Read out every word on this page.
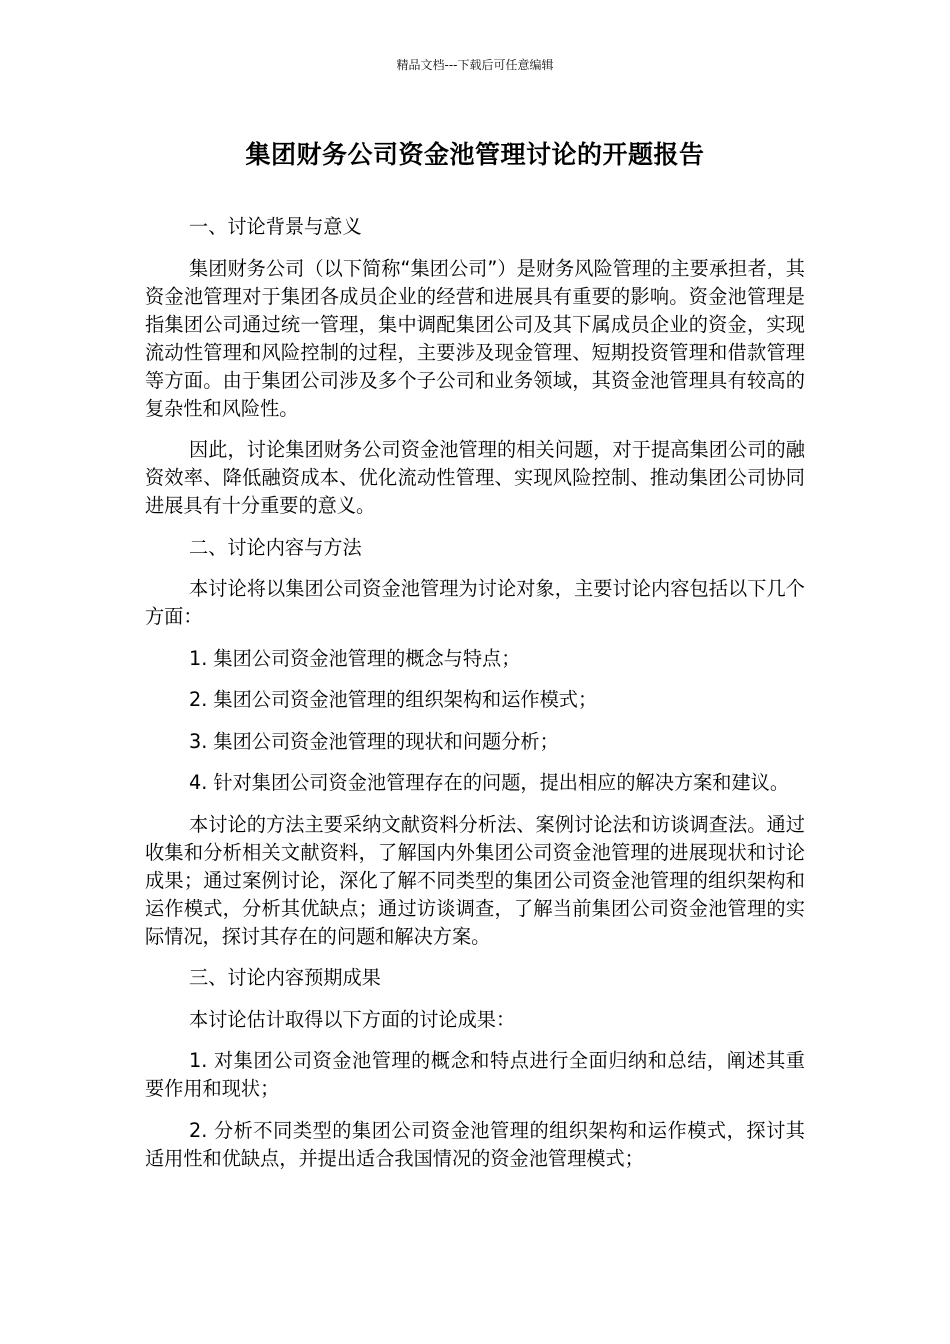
精品文档---下载后可任意编辑
集团财务公司资金池管理讨论的开题报告

一、讨论背景与意义

集团财务公司（以下简称“集团公司”）是财务风险管理的主要承担者，其资金池管理对于集团各成员企业的经营和进展具有重要的影响。资金池管理是指集团公司通过统一管理，集中调配集团公司及其下属成员企业的资金，实现流动性管理和风险控制的过程，主要涉及现金管理、短期投资管理和借款管理等方面。由于集团公司涉及多个子公司和业务领域，其资金池管理具有较高的复杂性和风险性。

因此，讨论集团财务公司资金池管理的相关问题，对于提高集团公司的融资效率、降低融资成本、优化流动性管理、实现风险控制、推动集团公司协同进展具有十分重要的意义。

二、讨论内容与方法

本讨论将以集团公司资金池管理为讨论对象，主要讨论内容包括以下几个方面：

1. 集团公司资金池管理的概念与特点；

2. 集团公司资金池管理的组织架构和运作模式；

3. 集团公司资金池管理的现状和问题分析；

4. 针对集团公司资金池管理存在的问题，提出相应的解决方案和建议。

本讨论的方法主要采纳文献资料分析法、案例讨论法和访谈调查法。通过收集和分析相关文献资料，了解国内外集团公司资金池管理的进展现状和讨论成果；通过案例讨论，深化了解不同类型的集团公司资金池管理的组织架构和运作模式，分析其优缺点；通过访谈调查，了解当前集团公司资金池管理的实际情况，探讨其存在的问题和解决方案。

三、讨论内容预期成果

本讨论估计取得以下方面的讨论成果：

1. 对集团公司资金池管理的概念和特点进行全面归纳和总结，阐述其重要作用和现状；

2. 分析不同类型的集团公司资金池管理的组织架构和运作模式，探讨其适用性和优缺点，并提出适合我国情况的资金池管理模式；
